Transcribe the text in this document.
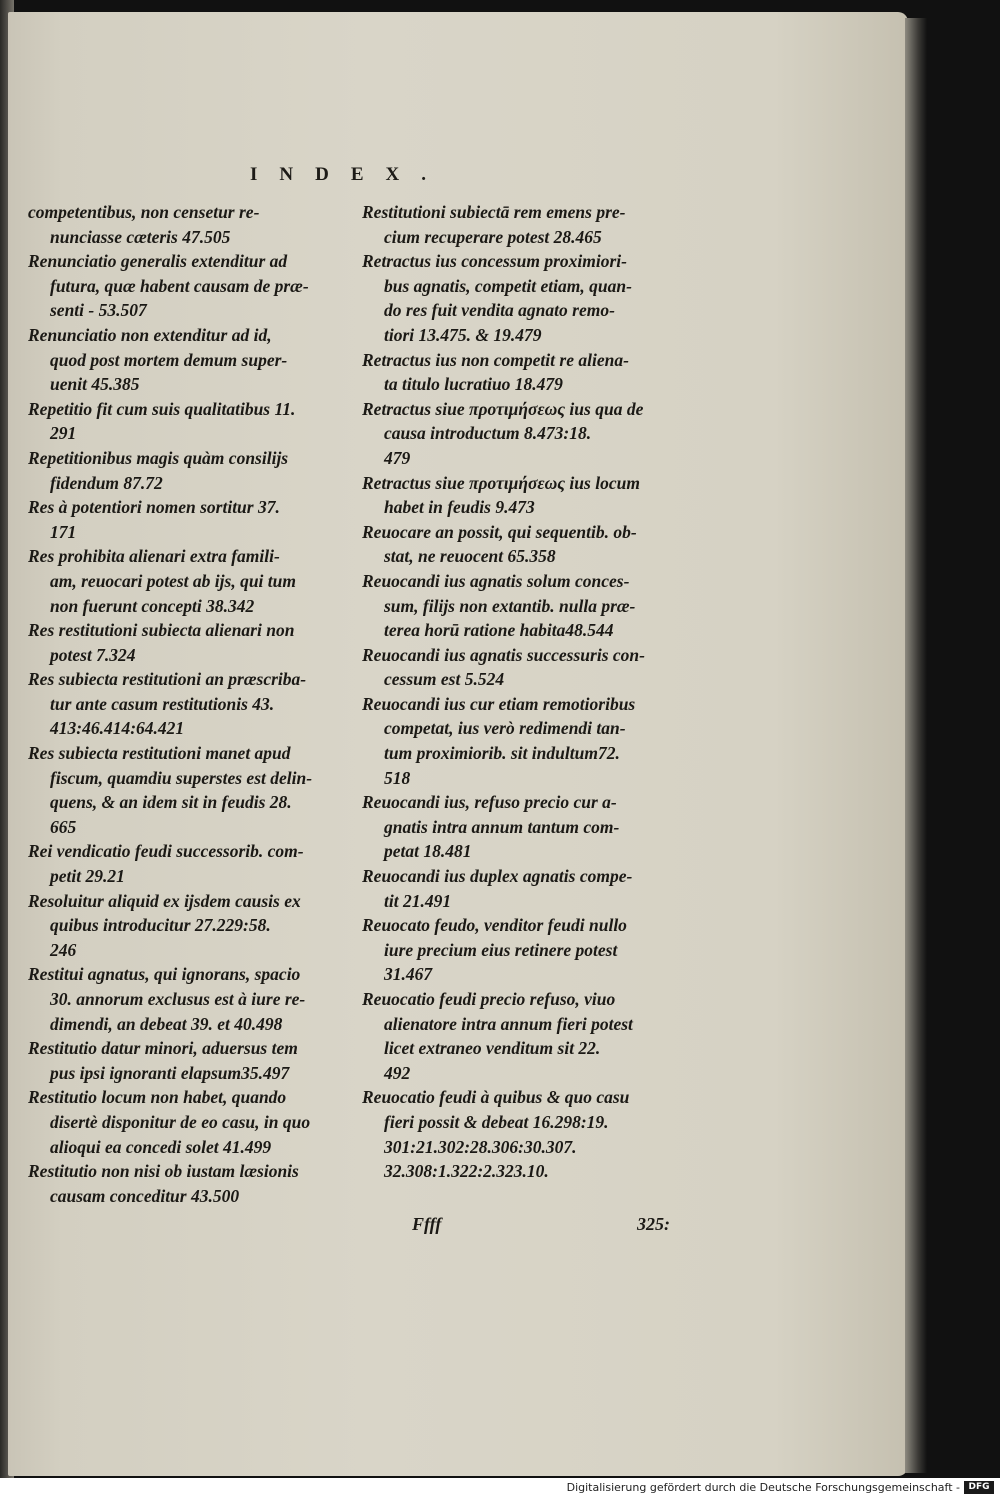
INDEX.
competentibus, non censetur re-
nunciasse cæteris 47.505
Renunciatio generalis extenditur ad
futura, quæ habent causam de præ-
senti - 53.507
Renunciatio non extenditur ad id,
quod post mortem demum super-
uenit 45.385
Repetitio fit cum suis qualitatibus 11.
291
Repetitionibus magis quàm consilijs
fidendum 87.72
Res à potentiori nomen sortitur 37.
171
Res prohibita alienari extra famili-
am, reuocari potest ab ijs, qui tum
non fuerunt concepti 38.342
Res restitutioni subiecta alienari non
potest 7.324
Res subiecta restitutioni an præscriba-
tur ante casum restitutionis 43.
413:46.414:64.421
Res subiecta restitutioni manet apud
fiscum, quamdiu superstes est delin-
quens, & an idem sit in feudis 28.
665
Rei vendicatio feudi successorib. com-
petit 29.21
Resoluitur aliquid ex ijsdem causis ex
quibus introducitur 27.229:58.
246
Restitui agnatus, qui ignorans, spacio
30. annorum exclusus est à iure re-
dimendi, an debeat 39. et 40.498
Restitutio datur minori, aduersus tem
pus ipsi ignoranti elapsum35.497
Restitutio locum non habet, quando
disertè disponitur de eo casu, in quo
alioqui ea concedi solet 41.499
Restitutio non nisi ob iustam læsionis
causam conceditur 43.500
Restitutioni subiectā rem emens pre-
cium recuperare potest 28.465
Retractus ius concessum proximiori-
bus agnatis, competit etiam, quan-
do res fuit vendita agnato remo-
tiori 13.475. & 19.479
Retractus ius non competit re aliena-
ta titulo lucratiuo 18.479
Retractus siue προτιμήσεως ius qua de
causa introductum 8.473:18.
479
Retractus siue προτιμήσεως ius locum
habet in feudis 9.473
Reuocare an possit, qui sequentib. ob-
stat, ne reuocent 65.358
Reuocandi ius agnatis solum conces-
sum, filijs non extantib. nulla præ-
terea horū ratione habita48.544
Reuocandi ius agnatis successuris con-
cessum est 5.524
Reuocandi ius cur etiam remotioribus
competat, ius verò redimendi tan-
tum proximiorib. sit indultum72.
518
Reuocandi ius, refuso precio cur a-
gnatis intra annum tantum com-
petat 18.481
Reuocandi ius duplex agnatis compe-
tit 21.491
Reuocato feudo, venditor feudi nullo
iure precium eius retinere potest
31.467
Reuocatio feudi precio refuso, viuo
alienatore intra annum fieri potest
licet extraneo venditum sit 22.
492
Reuocatio feudi à quibus & quo casu
fieri possit & debeat 16.298:19.
301:21.302:28.306:30.307.
32.308:1.322:2.323.10.
Ffff	325:
Digitalisierung gefördert durch die Deutsche Forschungsgemeinschaft - DFG
